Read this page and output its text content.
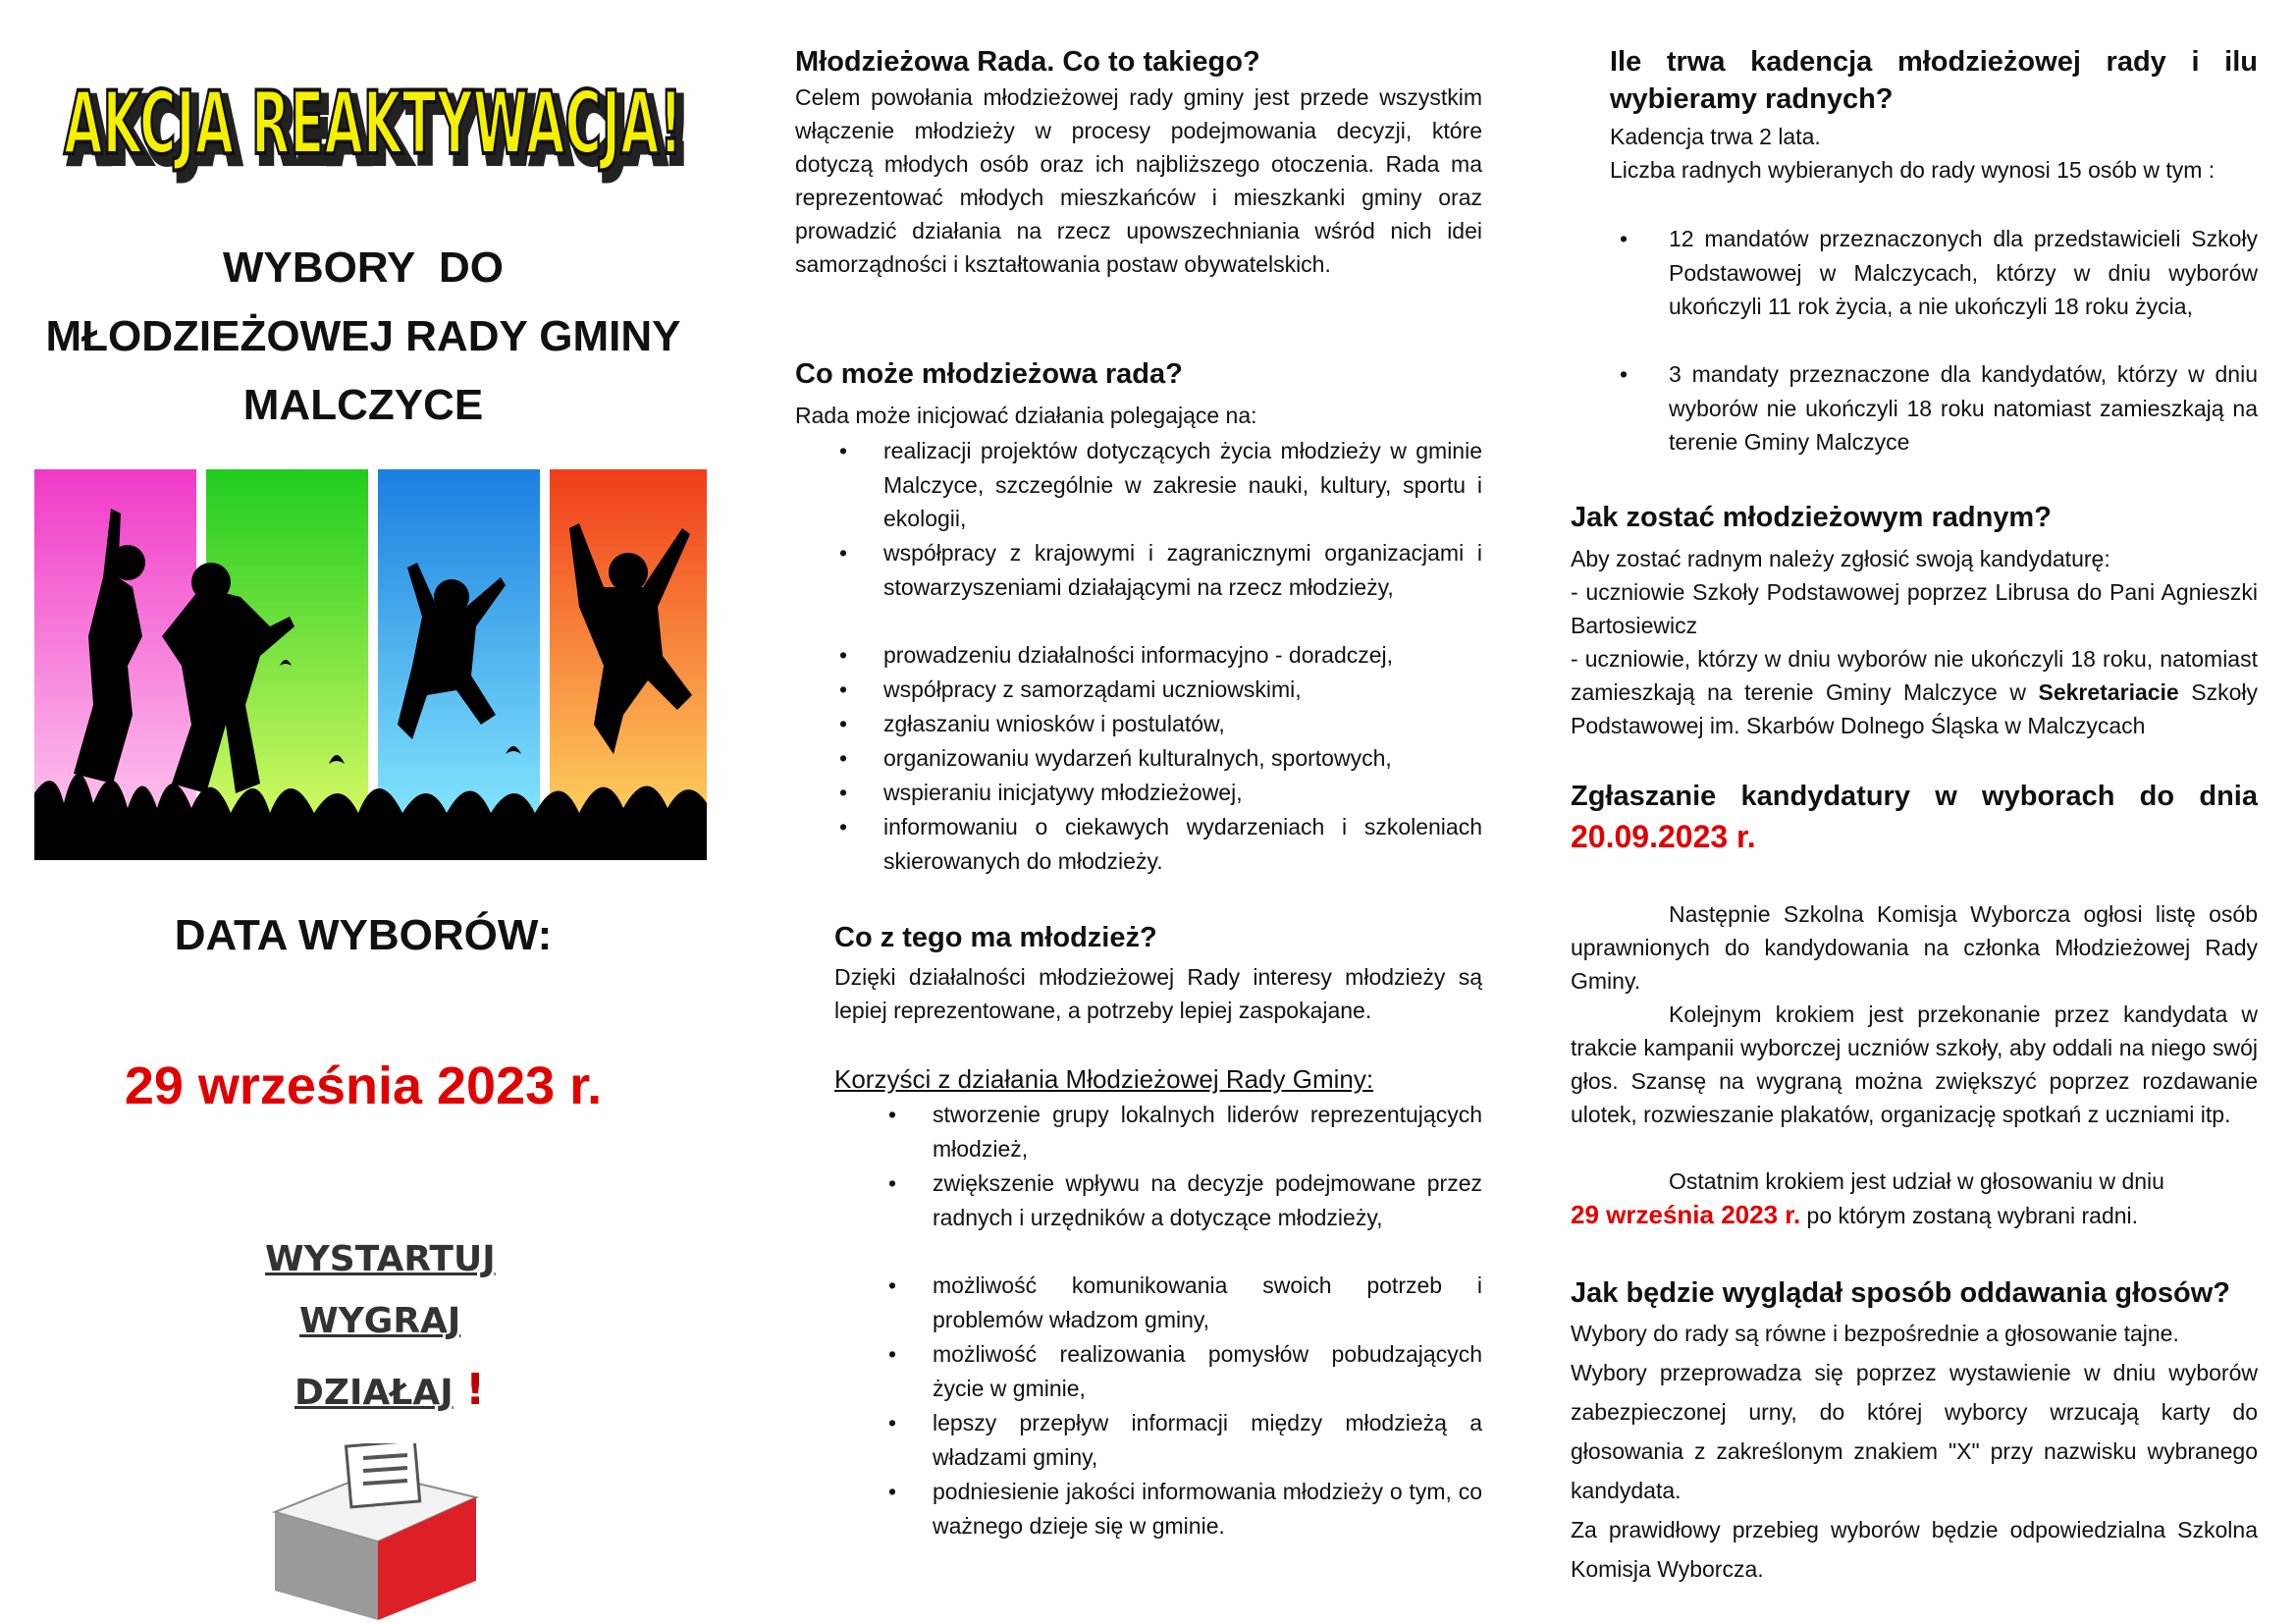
AKCJA REAKTYWACJA!
AKCJA REAKTYWACJA!
WYBORY  DO
MŁODZIEŻOWEJ RADY GMINY
MALCZYCE
DATA WYBORÓW:
29 września 2023 r.
WYSTARTUJ
WYGRAJ
DZIAŁAJ !
Młodzieżowa Rada. Co to takiego?

Celem powołania młodzieżowej rady gminy jest przede wszystkim włączenie młodzieży w procesy podejmowania decyzji, które dotyczą młodych osób oraz ich najbliższego otoczenia. Rada ma reprezentować młodych mieszkańców i mieszkanki gminy oraz prowadzić działania na rzecz upowszechniania wśród nich idei samorządności i kształtowania postaw obywatelskich.

Co może młodzieżowa rada?

Rada może inicjować działania polegające na:

• realizacji projektów dotyczących życia młodzieży w gminie Malczyce, szczególnie w zakresie nauki, kultury, sportu i ekologii,
• współpracy z krajowymi i zagranicznymi organizacjami i stowarzyszeniami działającymi na rzecz młodzieży,
• prowadzeniu działalności informacyjno - doradczej,
• współpracy z samorządami uczniowskimi,
• zgłaszaniu wniosków i postulatów,
• organizowaniu wydarzeń kulturalnych, sportowych,
• wspieraniu inicjatywy młodzieżowej,
• informowaniu o ciekawych wydarzeniach i szkoleniach skierowanych do młodzieży.
Co z tego ma młodzież?

Dzięki działalności młodzieżowej Rady interesy młodzieży są lepiej reprezentowane, a potrzeby lepiej zaspokajane.

Korzyści z działania Młodzieżowej Rady Gminy:

• stworzenie grupy lokalnych liderów reprezentujących młodzież,
• zwiększenie wpływu na decyzje podejmowane przez radnych i urzędników a dotyczące młodzieży,
• możliwość komunikowania swoich potrzeb i problemów władzom gminy,
• możliwość realizowania pomysłów pobudzających życie w gminie,
• lepszy przepływ informacji między młodzieżą a władzami gminy,
• podniesienie jakości informowania młodzieży o tym, co ważnego dzieje się w gminie.
Ile trwa kadencja młodzieżowej rady i ilu wybieramy radnych?

Kadencja trwa 2 lata.

Liczba radnych wybieranych do rady wynosi 15 osób w tym :

• 12 mandatów przeznaczonych dla przedstawicieli Szkoły Podstawowej w Malczycach, którzy w dniu wyborów ukończyli 11 rok życia, a nie ukończyli 18 roku życia,
• 3 mandaty przeznaczone dla kandydatów, którzy w dniu wyborów nie ukończyli 18 roku natomiast zamieszkają na terenie Gminy Malczyce
Jak zostać młodzieżowym radnym?

Aby zostać radnym należy zgłosić swoją kandydaturę:

- uczniowie Szkoły Podstawowej poprzez Librusa do Pani Agnieszki Bartosiewicz

- uczniowie, którzy w dniu wyborów nie ukończyli 18 roku, natomiast zamieszkają na terenie Gminy Malczyce w Sekretariacie Szkoły Podstawowej im. Skarbów Dolnego Śląska w Malczycach

Zgłaszanie kandydatury w wyborach do dnia

20.09.2023 r.

Następnie Szkolna Komisja Wyborcza ogłosi listę osób uprawnionych do kandydowania na członka Młodzieżowej Rady Gminy.

Kolejnym krokiem jest przekonanie przez kandydata w trakcie kampanii wyborczej uczniów szkoły, aby oddali na niego swój głos. Szansę na wygraną można zwiększyć poprzez rozdawanie ulotek, rozwieszanie plakatów, organizację spotkań z uczniami itp.

Ostatnim krokiem jest udział w głosowaniu w dniu
29 września 2023 r. po którym zostaną wybrani radni.

Jak będzie wyglądał sposób oddawania głosów?

Wybory do rady są równe i bezpośrednie a głosowanie tajne.

Wybory przeprowadza się poprzez wystawienie w dniu wyborów zabezpieczonej urny, do której wyborcy wrzucają karty do głosowania z zakreślonym znakiem "X" przy nazwisku wybranego kandydata.

Za prawidłowy przebieg wyborów będzie odpowiedzialna Szkolna Komisja Wyborcza.
